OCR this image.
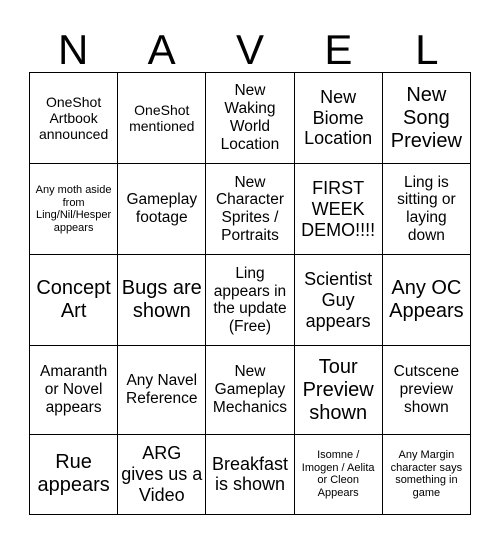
N	A	V	E	L
OneShot Artbook announced	OneShot mentioned	New Waking World Location	New Biome Location	New Song Preview
Any moth aside from Ling/Nil/Hesper appears	Gameplay footage	New Character Sprites / Portraits	FIRST WEEK DEMO!!!!	Ling is sitting or laying down
Concept Art	Bugs are shown	Ling appears in the update (Free)	Scientist Guy appears	Any OC Appears
Amaranth or Novel appears	Any Navel Reference	New Gameplay Mechanics	Tour Preview shown	Cutscene preview shown
Rue appears	ARG gives us a Video	Breakfast is shown	Isomne / Imogen / Aelita or Cleon Appears	Any Margin character says something in game
